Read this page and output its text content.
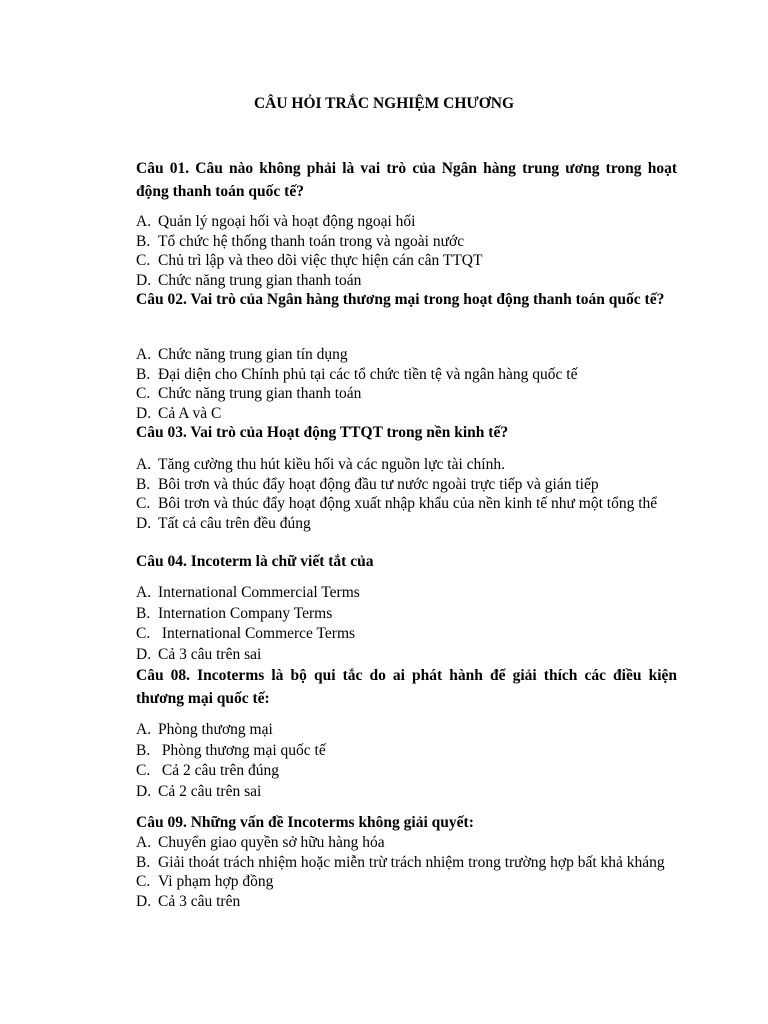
CÂU HỎI TRẮC NGHIỆM CHƯƠNG

Câu 01. Câu nào không phải là vai trò của Ngân hàng trung ương trong hoạt động thanh toán quốc tế?

A. Quản lý ngoại hối và hoạt động ngoại hối
B. Tổ chức hệ thống thanh toán trong và ngoài nước
C. Chủ trì lập và theo dõi việc thực hiện cán cân TTQT
D. Chức năng trung gian thanh toán

Câu 02. Vai trò của Ngân hàng thương mại trong hoạt động thanh toán quốc tế?

A. Chức năng trung gian tín dụng
B. Đại diện cho Chính phủ tại các tổ chức tiền tệ và ngân hàng quốc tế
C. Chức năng trung gian thanh toán
D. Cả A và C

Câu 03. Vai trò của Hoạt động TTQT trong nền kinh tế?

A. Tăng cường thu hút kiều hối và các nguồn lực tài chính.
B. Bôi trơn và thúc đẩy hoạt động đầu tư nước ngoài trực tiếp và gián tiếp
C. Bôi trơn và thúc đẩy hoạt động xuất nhập khẩu của nền kinh tế như một tổng thể
D. Tất cả câu trên đều đúng

Câu 04. Incoterm là chữ viết tắt của

A. International Commercial Terms
B. Internation Company Terms
C. International Commerce Terms
D. Cả 3 câu trên sai

Câu 08. Incoterms là bộ qui tắc do ai phát hành để giải thích các điều kiện thương mại quốc tế:

A. Phòng thương mại
B. Phòng thương mại quốc tế
C. Cả 2 câu trên đúng
D. Cả 2 câu trên sai

Câu 09. Những vấn đề Incoterms không giải quyết:

A. Chuyển giao quyền sở hữu hàng hóa
B. Giải thoát trách nhiệm hoặc miễn trừ trách nhiệm trong trường hợp bất khả kháng
C. Vi phạm hợp đồng
D. Cả 3 câu trên
